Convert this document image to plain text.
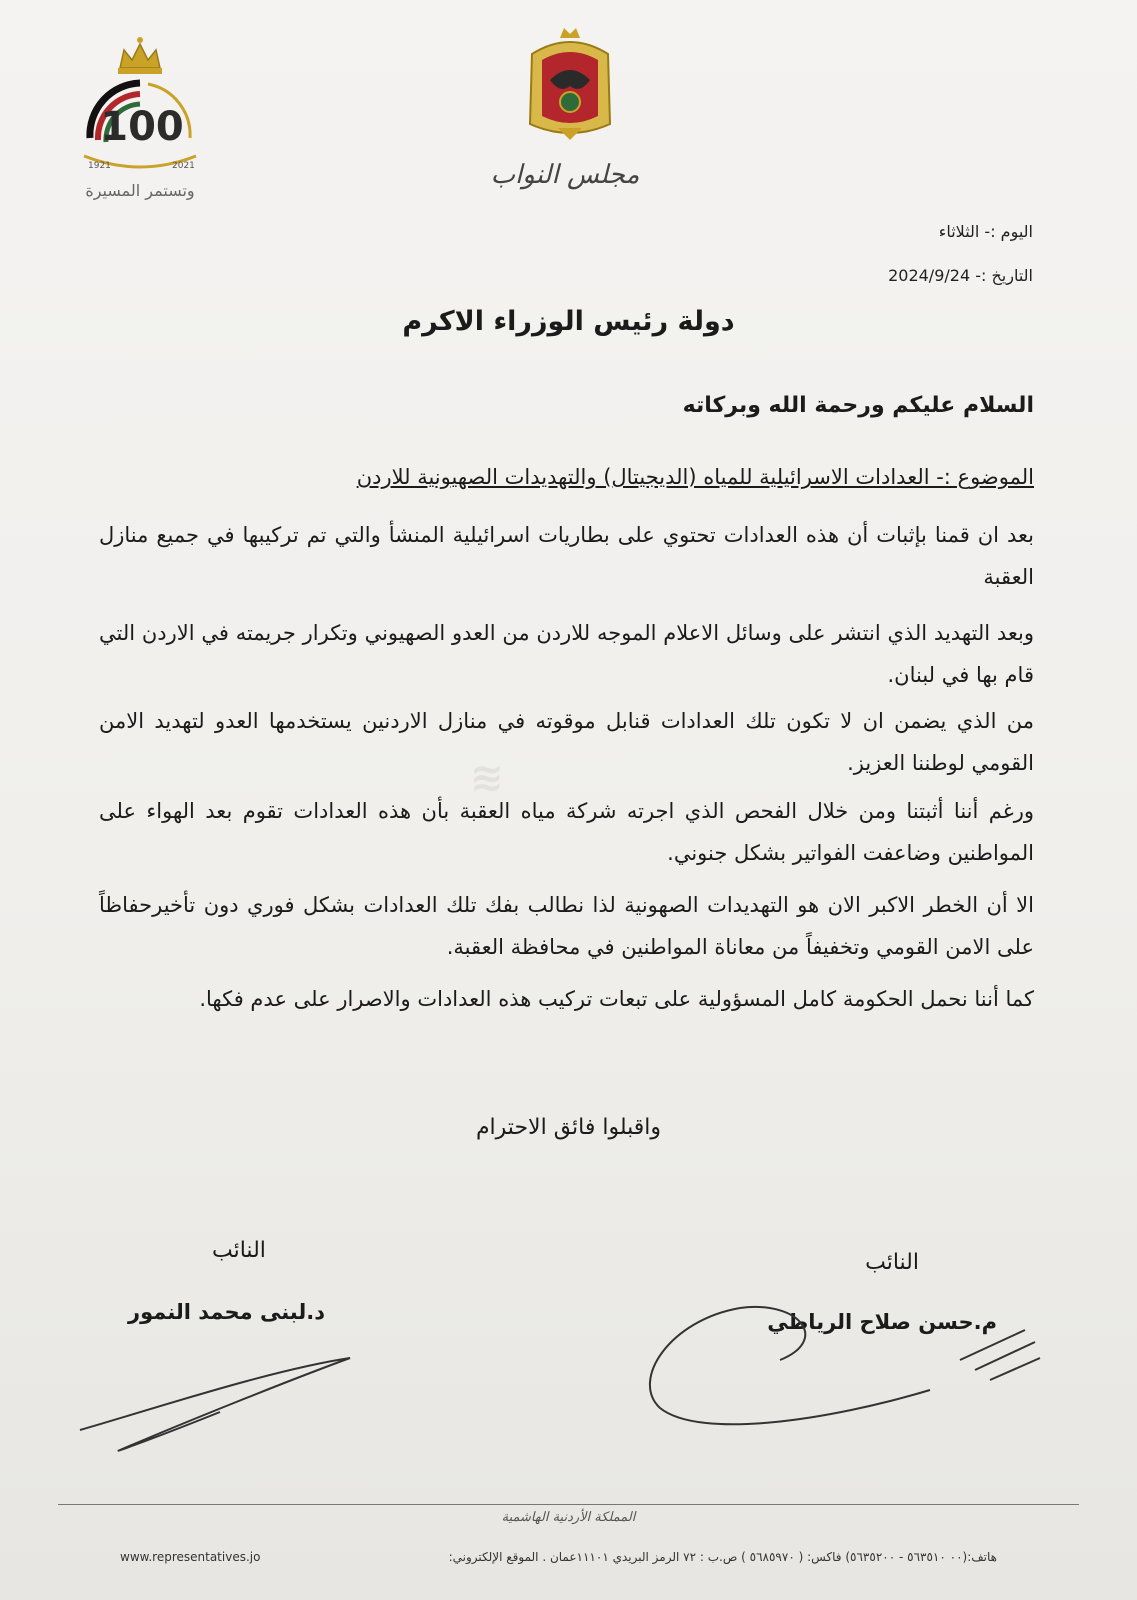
100
1921	2021
وتستمر المسيرة
مجلس النواب
اليوم :- الثلاثاء
التاريخ :- 2024/9/24
دولة رئيس الوزراء الاكرم
السلام عليكم ورحمة الله وبركاته
الموضوع :- العدادات الاسرائيلية للمياه (الديجيتال) والتهديدات الصهيونية للاردن
بعد ان قمنا بإثبات أن هذه العدادات تحتوي على بطاريات اسرائيلية المنشأ والتي تم تركيبها في جميع منازل العقبة
وبعد التهديد الذي انتشر على وسائل الاعلام الموجه للاردن من العدو الصهيوني وتكرار جريمته في الاردن التي قام بها في لبنان.
من الذي يضمن ان لا تكون تلك العدادات قنابل موقوته في منازل الاردنين يستخدمها العدو لتهديد الامن القومي لوطننا العزيز.
ورغم أننا أثبتنا ومن خلال الفحص الذي اجرته شركة مياه العقبة بأن هذه العدادات تقوم بعد الهواء على المواطنين وضاعفت الفواتير بشكل جنوني.
الا أن الخطر الاكبر الان هو التهديدات الصهونية لذا نطالب بفك تلك العدادات بشكل فوري دون تأخيرحفاظاً على الامن القومي وتخفيفاً من معاناة المواطنين في محافظة العقبة.
كما أننا نحمل الحكومة كامل المسؤولية على تبعات تركيب هذه العدادات والاصرار على عدم فكها.
واقبلوا فائق الاحترام
النائب
م.حسن صلاح الرياطي
النائب
د.لبنى محمد النمور
≋
المملكة الأردنية الهاشمية
هاتف:(٠٠ ٥٦٣٥١٠ - ٥٦٣٥٢٠٠) فاكس: ( ٥٦٨٥٩٧٠ ) ص.ب : ٧٢ الرمز البريدي ١١١٠١عمان . الموقع الإلكتروني:
www.representatives.jo
